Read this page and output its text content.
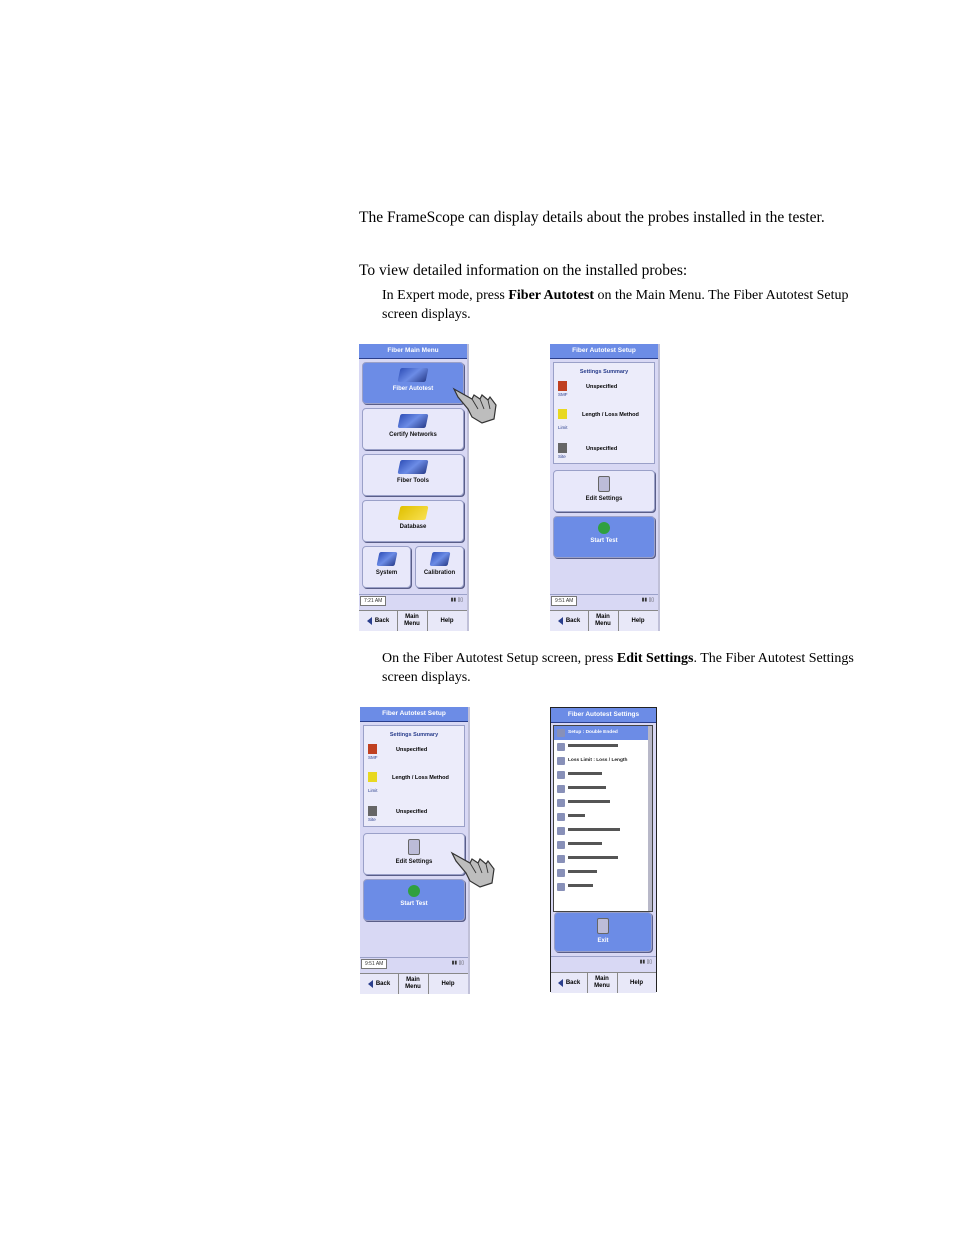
The FrameScope can display details about the probes installed in the tester.
To view detailed information on the installed probes:
In Expert mode, press Fiber Autotest on the Main Menu. The Fiber Autotest Setup screen displays.
Fiber Main Menu
Fiber Autotest
Certify Networks
Fiber Tools
Database
System	Calibration
7:21 AM	▮▮ ▯▯
Back
Main Menu
Help
Fiber Autotest Setup
Settings Summary
SMF
Unspecified
Limit
Length / Loss Method
Site
Unspecified
Edit Settings
Start Test
9:51 AM	▮▮ ▯▯
Back
Main Menu
Help
On the Fiber Autotest Setup screen, press Edit Settings. The Fiber Autotest Settings screen displays.
Fiber Autotest Setup
Settings Summary
SMF
Unspecified
Limit
Length / Loss Method
Site
Unspecified
Edit Settings
Start Test
9:51 AM	▮▮ ▯▯
Back
Main Menu
Help
Fiber Autotest Settings
Setup : Double Ended
Loss Limit : Loss / Length
Exit
▮▮ ▯▯
Back
Main Menu
Help
